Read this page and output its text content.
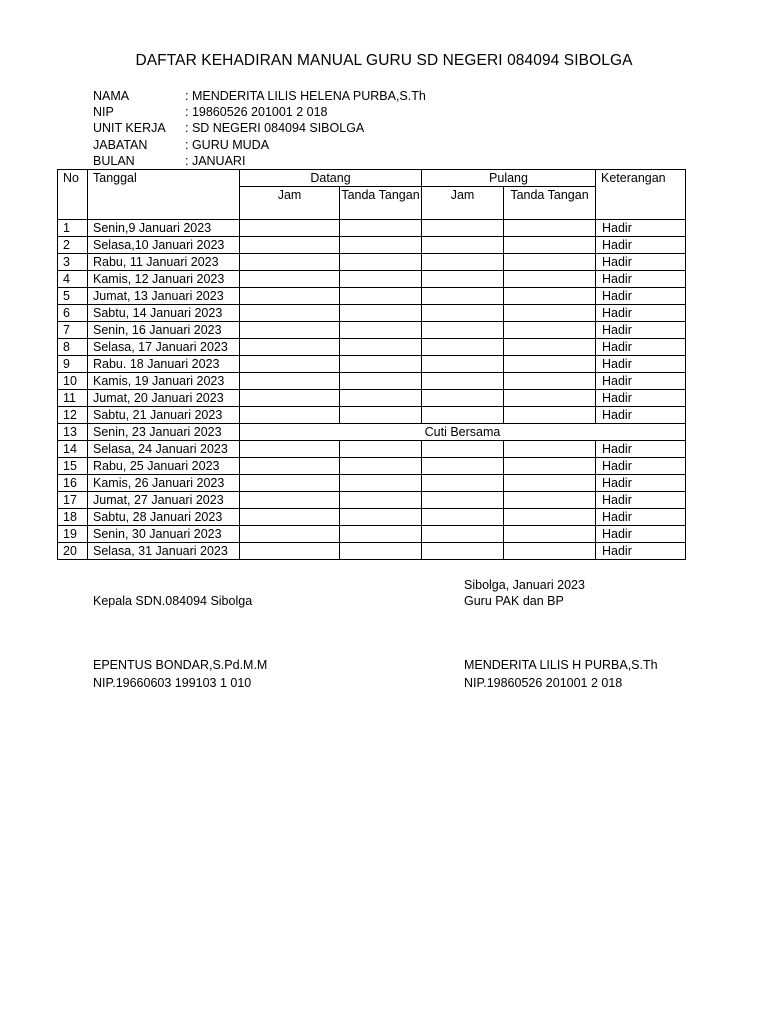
DAFTAR KEHADIRAN MANUAL GURU SD NEGERI 084094 SIBOLGA
NAMA	: MENDERITA LILIS HELENA PURBA,S.Th
NIP	: 19860526 201001 2 018
UNIT KERJA : SD NEGERI 084094 SIBOLGA
JABATAN	: GURU MUDA
BULAN	: JANUARI
No	Tanggal	Datang		Pulang		Keterangan
		Jam	Tanda Tangan	Jam	Tanda Tangan	
1	Senin,9 Januari 2023					Hadir
2	Selasa,10 Januari 2023					Hadir
3	Rabu, 11 Januari 2023					Hadir
4	Kamis, 12 Januari 2023					Hadir
5	Jumat, 13 Januari 2023					Hadir
6	Sabtu, 14 Januari 2023					Hadir
7	Senin, 16 Januari 2023					Hadir
8	Selasa, 17 Januari 2023					Hadir
9	Rabu. 18 Januari 2023					Hadir
10	Kamis, 19 Januari 2023					Hadir
11	Jumat, 20 Januari 2023					Hadir
12	Sabtu, 21 Januari 2023					Hadir
13	Senin, 23 Januari 2023	Cuti Bersama				
14	Selasa, 24 Januari 2023					Hadir
15	Rabu, 25 Januari 2023					Hadir
16	Kamis, 26 Januari 2023					Hadir
17	Jumat, 27 Januari 2023					Hadir
18	Sabtu, 28 Januari 2023					Hadir
19	Senin, 30 Januari 2023					Hadir
20	Selasa, 31 Januari 2023					Hadir
Sibolga, Januari 2023
Kepala SDN.084094 Sibolga	Guru PAK dan BP
EPENTUS BONDAR,S.Pd.M.M
NIP.19660603 199103 1 010
MENDERITA LILIS H PURBA,S.Th
NIP.19860526 201001 2 018
